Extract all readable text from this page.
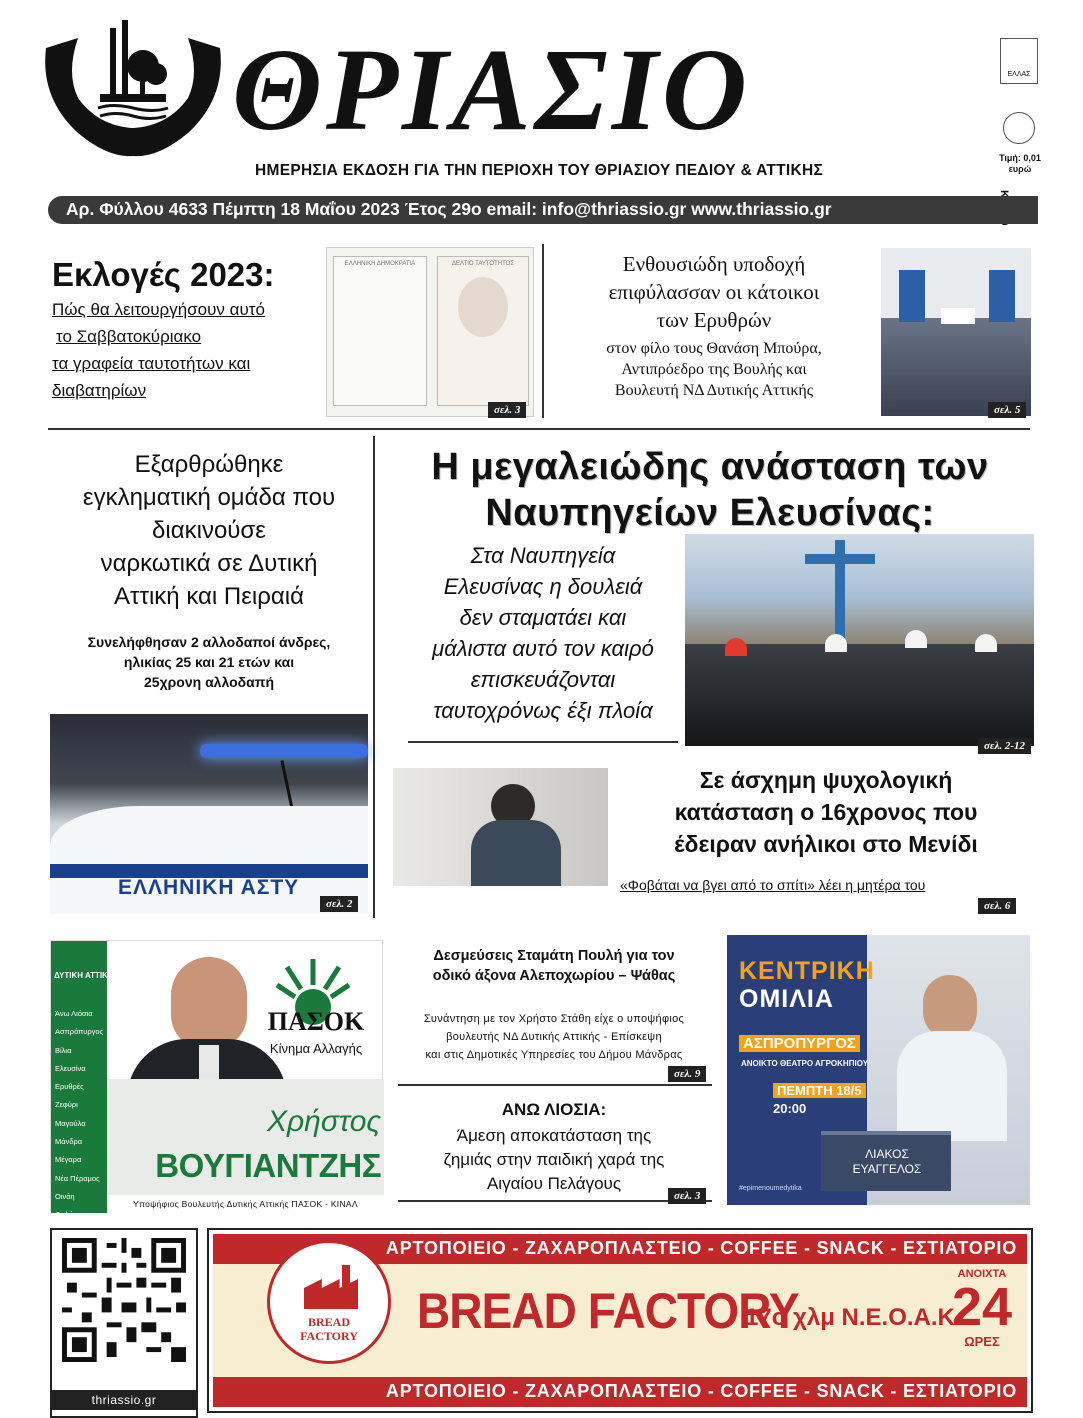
ΘΡΙΑΣΙΟ	ΕΛΛΑΣ
Τιμή: 0,01
ευρώ
ΗΜΕΡΗΣΙΑ ΕΚΔΟΣΗ ΓΙΑ ΤΗΝ ΠΕΡΙΟΧΗ ΤΟΥ ΘΡΙΑΣΙΟΥ ΠΕΔΙΟΥ & ΑΤΤΙΚΗΣ
Αρ. Φύλλου 4633 Πέμπτη 18 Μαΐου 2023 Έτος 29ο email: info@thriassio.gr www.thriassio.gr
Εκλογές 2023:
Πώς θα λειτουργήσουν αυτό
το Σαββατοκύριακο
τα γραφεία ταυτοτήτων και
διαβατηρίων
ΕΛΛΗΝΙΚΗ ΔΗΜΟΚΡΑΤΙΑ	ΔΕΛΤΙΟ ΤΑΥΤΟΤΗΤΟΣ
σελ. 3
Ενθουσιώδη υποδοχή
επιφύλασσαν οι κάτοικοι
των Ερυθρών
στον φίλο τους Θανάση Μπούρα,
Αντιπρόεδρο της Βουλής και
Βουλευτή ΝΔ Δυτικής Αττικής
σελ. 5
Εξαρθρώθηκε
εγκληματική ομάδα που
διακινούσε
ναρκωτικά σε Δυτική
Αττική και Πειραιά
Συνελήφθησαν 2 αλλοδαποί άνδρες,
ηλικίας 25 και 21 ετών και
25χρονη αλλοδαπή
ΕΛΛΗΝΙΚΗ ΑΣΤΥ
σελ. 2
Η μεγαλειώδης ανάσταση των
Ναυπηγείων Ελευσίνας:
Στα Ναυπηγεία
Ελευσίνας η δουλειά
δεν σταματάει και
μάλιστα αυτό τον καιρό
επισκευάζονται
ταυτοχρόνως έξι πλοία
σελ. 2-12
Σε άσχημη ψυχολογική
κατάσταση ο 16χρονος που
έδειραν ανήλικοι στο Μενίδι
«Φοβάται να βγει από το σπίτι» λέει η μητέρα του
σελ. 6
ΔΥΤΙΚΗ ΑΤΤΙΚΗ
Άνω Λιόσια
Ασπρόπυργος
Βίλια
Ελευσίνα
Ερυθρές
Ζεφύρι
Μαγούλα
Μάνδρα
Μέγαρα
Νέα Πέραμος
Οινόη
Φυλή
ΠΑΣΟΚ
Κίνημα Αλλαγής
Χρήστος
ΒΟΥΓΙΑΝΤΖΗΣ
Υποψήφιος Βουλευτής Δυτικής Αττικής ΠΑΣΟΚ - ΚΙΝΑΛ
Δεσμεύσεις Σταμάτη Πουλή για τον
οδικό άξονα Αλεποχωρίου – Ψάθας
Συνάντηση με τον Χρήστο Στάθη είχε ο υποψήφιος
βουλευτής ΝΔ Δυτικής Αττικής - Επίσκεψη
και στις Δημοτικές Υπηρεσίες του Δήμου Μάνδρας
σελ. 9
ΑΝΩ ΛΙΟΣΙΑ:
Άμεση αποκατάσταση της
ζημιάς στην παιδική χαρά της
Αιγαίου Πελάγους
σελ. 3
ΚΕΝΤΡΙΚΗ
ΟΜΙΛΙΑ
ΑΣΠΡΟΠΥΡΓΟΣ
ΑΝΟΙΚΤΟ ΘΕΑΤΡΟ ΑΓΡΟΚΗΠΙΟΥ
ΠΕΜΠΤΗ 18/5
20:00
ΛΙΑΚΟΣ
ΕΥΑΓΓΕΛΟΣ
#epimenoumedytika
thriassio.gr
ΑΡΤΟΠΟΙΕΙΟ - ΖΑΧΑΡΟΠΛΑΣΤΕΙΟ - COFFEE - SNACK - ΕΣΤΙΑΤΟΡΙΟ
ΑΡΤΟΠΟΙΕΙΟ - ΖΑΧΑΡΟΠΛΑΣΤΕΙΟ - COFFEE - SNACK - ΕΣΤΙΑΤΟΡΙΟ
BREAD
FACTORY	BREAD FACTORY
17ο χλμ Ν.Ε.Ο.Α.Κ.
ΑΝΟΙΧΤΑ
24
ΩΡΕΣ
